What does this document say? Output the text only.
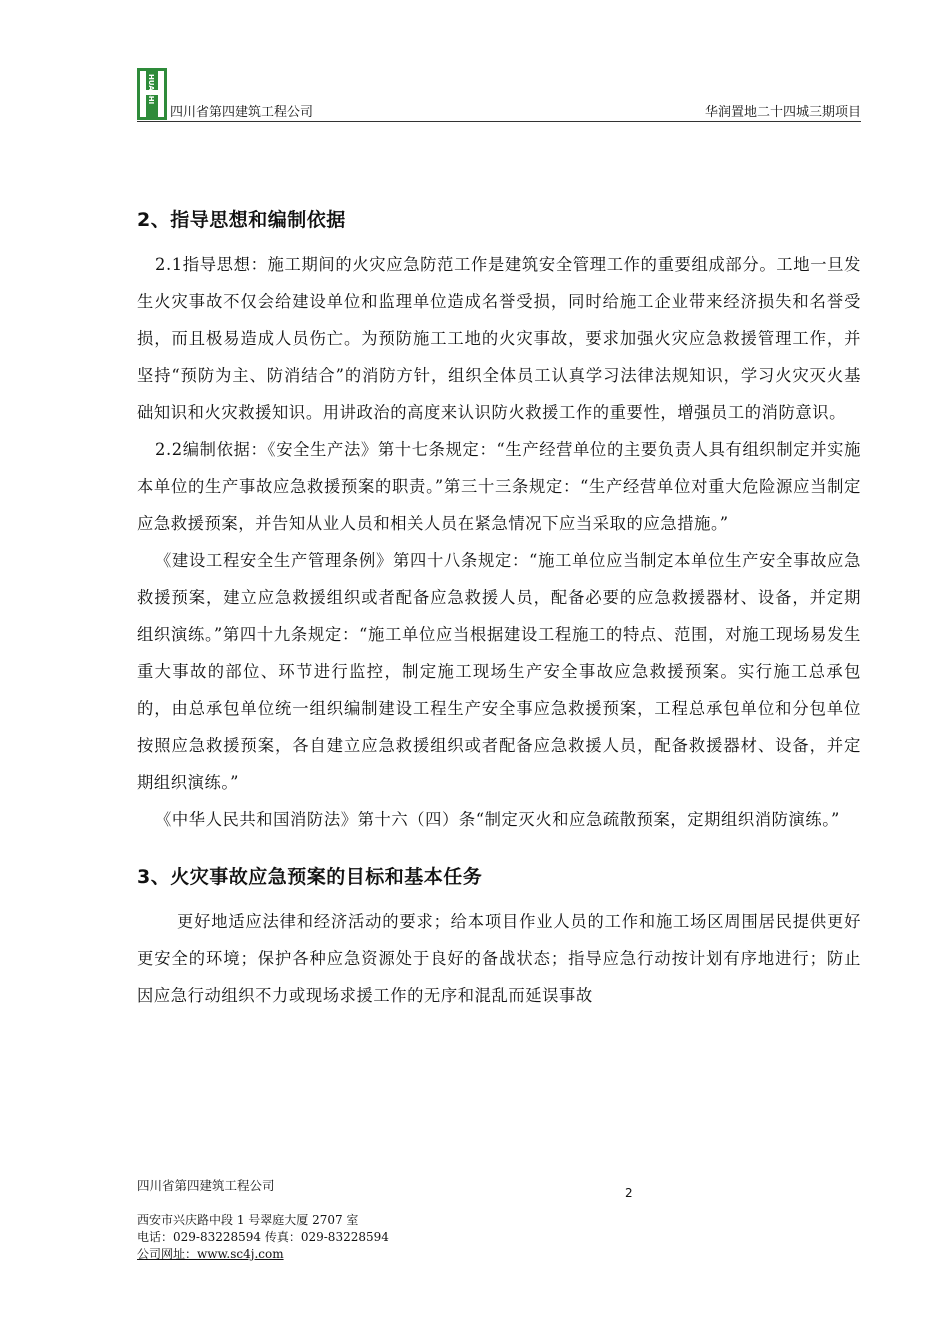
HUASHI
四川省第四建筑工程公司	华润置地二十四城三期项目
2、指导思想和编制依据

2.1指导思想：施工期间的火灾应急防范工作是建筑安全管理工作的重要组成部分。工地一旦发生火灾事故不仅会给建设单位和监理单位造成名誉受损，同时给施工企业带来经济损失和名誉受损，而且极易造成人员伤亡。为预防施工工地的火灾事故，要求加强火灾应急救援管理工作，并坚持“预防为主、防消结合”的消防方针，组织全体员工认真学习法律法规知识，学习火灾灭火基础知识和火灾救援知识。用讲政治的高度来认识防火救援工作的重要性，增强员工的消防意识。

2.2编制依据：《安全生产法》第十七条规定：“生产经营单位的主要负责人具有组织制定并实施本单位的生产事故应急救援预案的职责。”第三十三条规定：“生产经营单位对重大危险源应当制定应急救援预案，并告知从业人员和相关人员在紧急情况下应当采取的应急措施。”

《建设工程安全生产管理条例》第四十八条规定：“施工单位应当制定本单位生产安全事故应急救援预案，建立应急救援组织或者配备应急救援人员，配备必要的应急救援器材、设备，并定期组织演练。”第四十九条规定：“施工单位应当根据建设工程施工的特点、范围，对施工现场易发生重大事故的部位、环节进行监控，制定施工现场生产安全事故应急救援预案。实行施工总承包的，由总承包单位统一组织编制建设工程生产安全事应急救援预案，工程总承包单位和分包单位按照应急救援预案，各自建立应急救援组织或者配备应急救援人员，配备救援器材、设备，并定期组织演练。”

《中华人民共和国消防法》第十六（四）条“制定灭火和应急疏散预案，定期组织消防演练。”

3、火灾事故应急预案的目标和基本任务

更好地适应法律和经济活动的要求；给本项目作业人员的工作和施工场区周围居民提供更好更安全的环境；保护各种应急资源处于良好的备战状态；指导应急行动按计划有序地进行；防止因应急行动组织不力或现场求援工作的无序和混乱而延误事故

四川省第四建筑工程公司	2
西安市兴庆路中段 1 号翠庭大厦 2707 室
电话：029-83228594 传真：029-83228594
公司网址：www.sc4j.com
